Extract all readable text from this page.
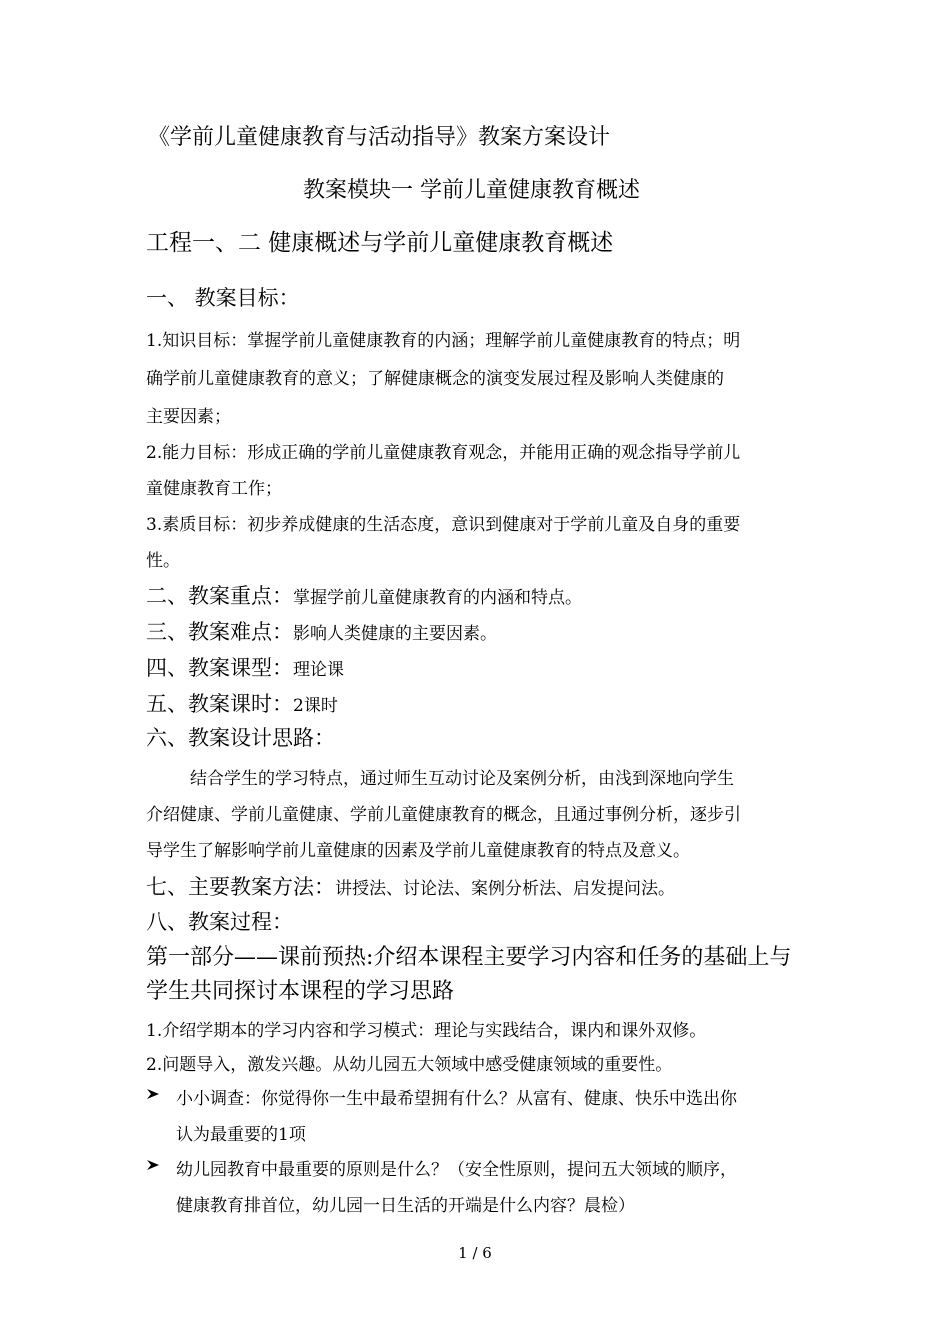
《学前儿童健康教育与活动指导》教案方案设计
教案模块一 学前儿童健康教育概述
工程一、二 健康概述与学前儿童健康教育概述
一、 教案目标：
1.知识目标：掌握学前儿童健康教育的内涵；理解学前儿童健康教育的特点；明
确学前儿童健康教育的意义；了解健康概念的演变发展过程及影响人类健康的
主要因素；
2.能力目标：形成正确的学前儿童健康教育观念，并能用正确的观念指导学前儿
童健康教育工作；
3.素质目标：初步养成健康的生活态度，意识到健康对于学前儿童及自身的重要
性。
二、教案重点：掌握学前儿童健康教育的内涵和特点。
三、教案难点：影响人类健康的主要因素。
四、教案课型：理论课
五、教案课时：2课时
六、教案设计思路：
结合学生的学习特点，通过师生互动讨论及案例分析，由浅到深地向学生
介绍健康、学前儿童健康、学前儿童健康教育的概念，且通过事例分析，逐步引
导学生了解影响学前儿童健康的因素及学前儿童健康教育的特点及意义。
七、主要教案方法：讲授法、讨论法、案例分析法、启发提问法。
八、教案过程：
第一部分——课前预热:介绍本课程主要学习内容和任务的基础上与
学生共同探讨本课程的学习思路
1.介绍学期本的学习内容和学习模式：理论与实践结合，课内和课外双修。
2.问题导入，激发兴趣。从幼儿园五大领域中感受健康领域的重要性。
小小调查：你觉得你一生中最希望拥有什么？从富有、健康、快乐中选出你
认为最重要的1项
幼儿园教育中最重要的原则是什么？（安全性原则，提问五大领域的顺序，
健康教育排首位，幼儿园一日生活的开端是什么内容？晨检）
1 / 6
